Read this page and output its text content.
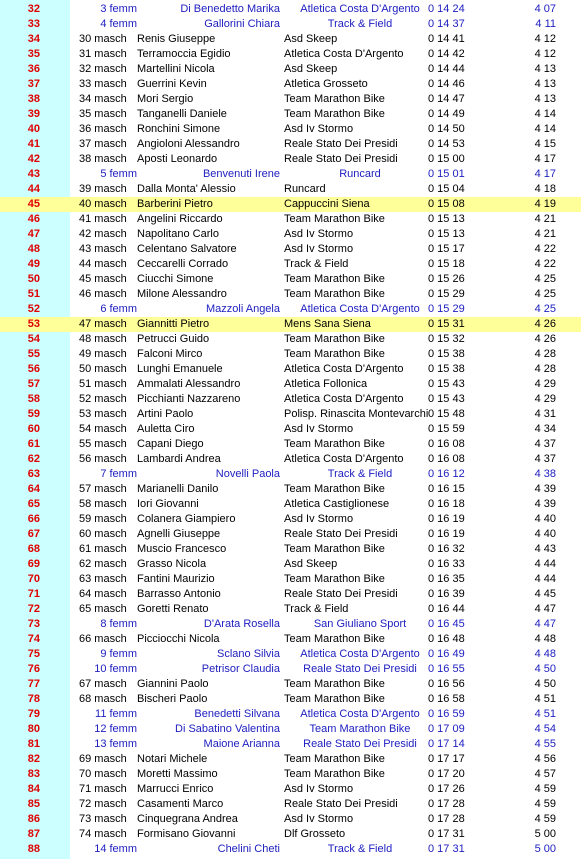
32	3 femm	Di Benedetto Marika	Atletica Costa D'Argento 0 14 24	4 07
33	4 femm	Gallorini Chiara	Track & Field	0 14 37	4 11
34	30 masch Renis Giuseppe	Asd Skeep	0 14 41	4 12
35	31 masch Terramoccia Egidio	Atletica Costa D'Argento	0 14 42	4 12
36	32 masch Martellini Nicola	Asd Skeep	0 14 44	4 13
37	33 masch Guerrini Kevin	Atletica Grosseto	0 14 46	4 13
38	34 masch Mori Sergio	Team Marathon Bike	0 14 47	4 13
39	35 masch Tanganelli Daniele	Team Marathon Bike	0 14 49	4 14
40	36 masch Ronchini Simone	Asd Iv Stormo	0 14 50	4 14
41	37 masch Angioloni Alessandro	Reale Stato Dei Presidi	0 14 53	4 15
42	38 masch Aposti Leonardo	Reale Stato Dei Presidi	0 15 00	4 17
43	5 femm	Benvenuti Irene	Runcard	0 15 01	4 17
44	39 masch Dalla Monta' Alessio	Runcard	0 15 04	4 18
45	40 masch Barberini Pietro	Cappuccini Siena	0 15 08	4 19
46	41 masch Angelini Riccardo	Team Marathon Bike	0 15 13	4 21
47	42 masch Napolitano Carlo	Asd Iv Stormo	0 15 13	4 21
48	43 masch Celentano Salvatore	Asd Iv Stormo	0 15 17	4 22
49	44 masch Ceccarelli Corrado	Track & Field	0 15 18	4 22
50	45 masch Ciucchi Simone	Team Marathon Bike	0 15 26	4 25
51	46 masch Milone Alessandro	Team Marathon Bike	0 15 29	4 25
52	6 femm	Mazzoli Angela	Atletica Costa D'Argento 0 15 29	4 25
53	47 masch Giannitti Pietro	Mens Sana Siena	0 15 31	4 26
54	48 masch Petrucci Guido	Team Marathon Bike	0 15 32	4 26
55	49 masch Falconi Mirco	Team Marathon Bike	0 15 38	4 28
56	50 masch Lunghi Emanuele	Atletica Costa D'Argento	0 15 38	4 28
57	51 masch Ammalati Alessandro	Atletica Follonica	0 15 43	4 29
58	52 masch Picchianti Nazzareno	Atletica Costa D'Argento	0 15 43	4 29
59	53 masch Artini Paolo	Polisp. Rinascita Montevarchi 0 15 48	4 31
60	54 masch Auletta Ciro	Asd Iv Stormo	0 15 59	4 34
61	55 masch Capani Diego	Team Marathon Bike	0 16 08	4 37
62	56 masch Lambardi Andrea	Atletica Costa D'Argento	0 16 08	4 37
63	7 femm	Novelli Paola	Track & Field	0 16 12	4 38
64	57 masch Marianelli Danilo	Team Marathon Bike	0 16 15	4 39
65	58 masch Iori Giovanni	Atletica Castiglionese	0 16 18	4 39
66	59 masch Colanera Giampiero	Asd Iv Stormo	0 16 19	4 40
67	60 masch Agnelli Giuseppe	Reale Stato Dei Presidi	0 16 19	4 40
68	61 masch Muscio Francesco	Team Marathon Bike	0 16 32	4 43
69	62 masch Grasso Nicola	Asd Skeep	0 16 33	4 44
70	63 masch Fantini Maurizio	Team Marathon Bike	0 16 35	4 44
71	64 masch Barrasso Antonio	Reale Stato Dei Presidi	0 16 39	4 45
72	65 masch Goretti Renato	Track & Field	0 16 44	4 47
73	8 femm	D'Arata Rosella	San Giuliano Sport	0 16 45	4 47
74	66 masch Picciocchi Nicola	Team Marathon Bike	0 16 48	4 48
75	9 femm	Sclano Silvia	Atletica Costa D'Argento 0 16 49	4 48
76	10 femm	Petrisor Claudia	Reale Stato Dei Presidi	0 16 55	4 50
77	67 masch Giannini Paolo	Team Marathon Bike	0 16 56	4 50
78	68 masch Bischeri Paolo	Team Marathon Bike	0 16 58	4 51
79	11 femm	Benedetti Silvana	Atletica Costa D'Argento 0 16 59	4 51
80	12 femm	Di Sabatino Valentina	Team Marathon Bike	0 17 09	4 54
81	13 femm	Maione Arianna	Reale Stato Dei Presidi	0 17 14	4 55
82	69 masch Notari Michele	Team Marathon Bike	0 17 17	4 56
83	70 masch Moretti Massimo	Team Marathon Bike	0 17 20	4 57
84	71 masch Marrucci Enrico	Asd Iv Stormo	0 17 26	4 59
85	72 masch Casamenti Marco	Reale Stato Dei Presidi	0 17 28	4 59
86	73 masch Cinquegrana Andrea	Asd Iv Stormo	0 17 28	4 59
87	74 masch Formisano Giovanni	Dlf Grosseto	0 17 31	5 00
88	14 femm	Chelini Cheti	Track & Field	0 17 31	5 00
